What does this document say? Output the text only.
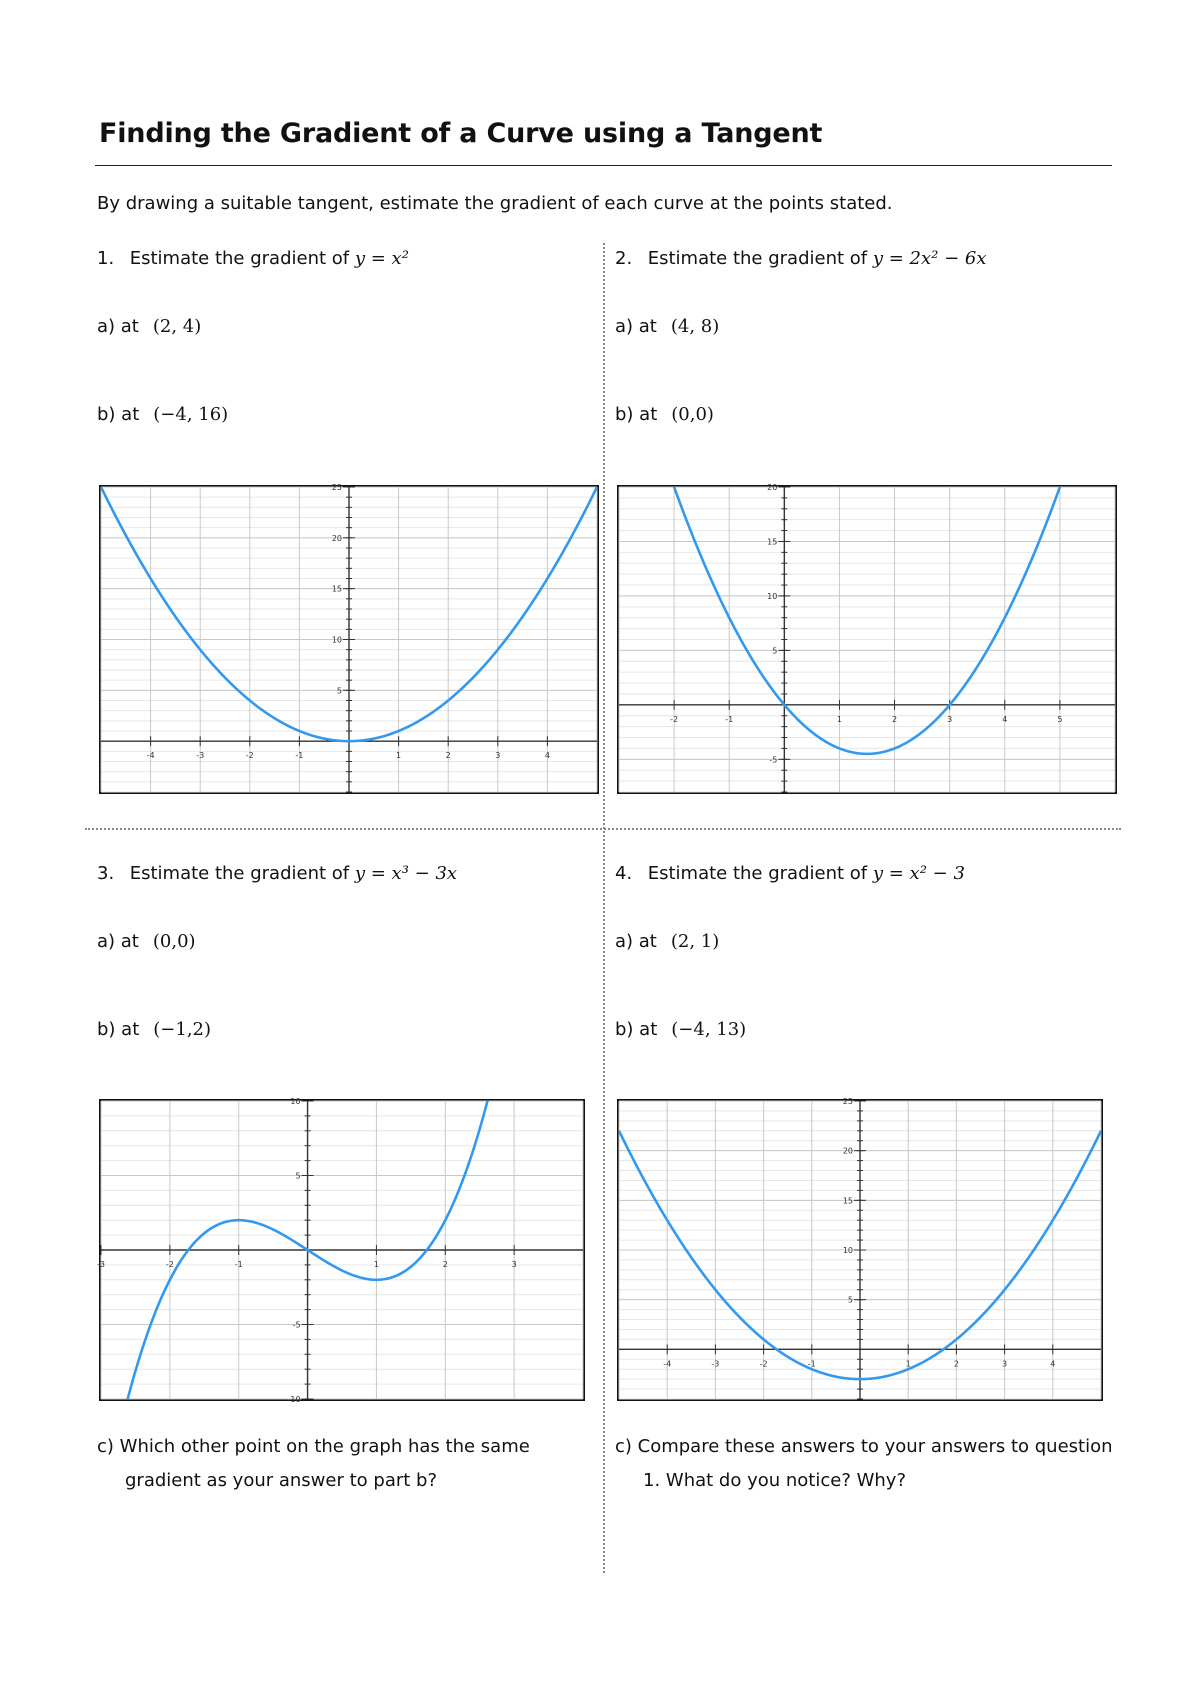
Finding the Gradient of a Curve using a Tangent
By drawing a suitable tangent, estimate the gradient of each curve at the points stated.
1. Estimate the gradient of y = x²
a) at (2, 4)
b) at (−4, 16)
-4	-3	-2	-1	1	2	3	4
5
10
15
20
25
2. Estimate the gradient of y = 2x² − 6x
a) at (4, 8)
b) at (0,0)
-2	-1	1	2	3	4	5
-5
5
10
15
20
3. Estimate the gradient of y = x³ − 3x
a) at (0,0)
b) at (−1,2)
-3	-2	-1	1	2	3
-10
-5
5
10
c) Which other point on the graph has the same
gradient as your answer to part b?
4. Estimate the gradient of y = x² − 3
a) at (2, 1)
b) at (−4, 13)
-4	-3	-2	-1	1	2	3	4
5
10
15
20
25
c) Compare these answers to your answers to question
1. What do you notice? Why?
